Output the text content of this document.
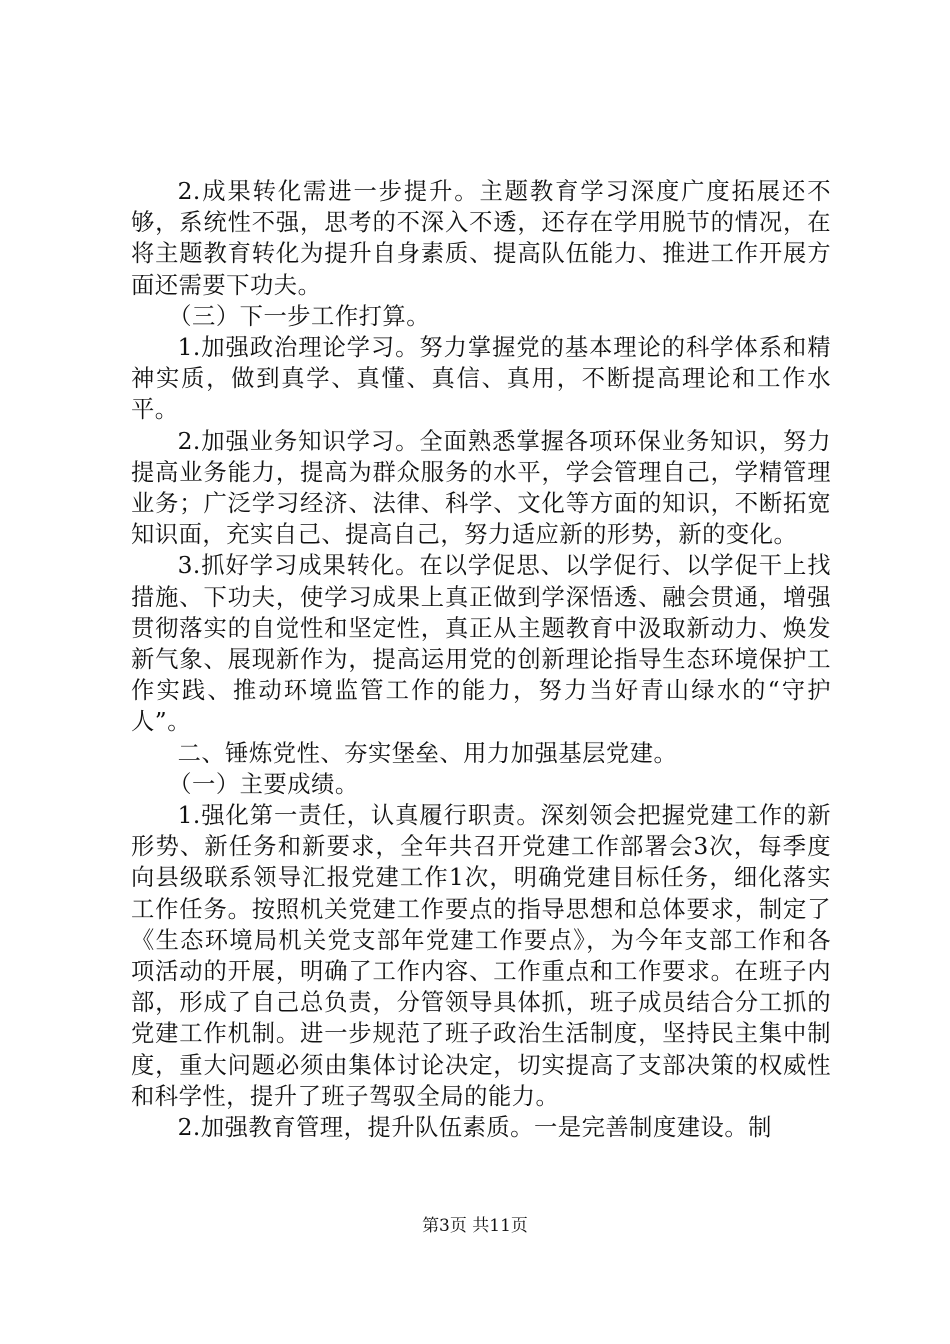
2.成果转化需进一步提升。主题教育学习深度广度拓展还不够，系统性不强，思考的不深入不透，还存在学用脱节的情况，在将主题教育转化为提升自身素质、提高队伍能力、推进工作开展方面还需要下功夫。

（三）下一步工作打算。

1.加强政治理论学习。努力掌握党的基本理论的科学体系和精神实质，做到真学、真懂、真信、真用，不断提高理论和工作水平。

2.加强业务知识学习。全面熟悉掌握各项环保业务知识，努力提高业务能力，提高为群众服务的水平，学会管理自己，学精管理业务；广泛学习经济、法律、科学、文化等方面的知识，不断拓宽知识面，充实自己、提高自己，努力适应新的形势，新的变化。

3.抓好学习成果转化。在以学促思、以学促行、以学促干上找措施、下功夫，使学习成果上真正做到学深悟透、融会贯通，增强贯彻落实的自觉性和坚定性，真正从主题教育中汲取新动力、焕发新气象、展现新作为，提高运用党的创新理论指导生态环境保护工作实践、推动环境监管工作的能力，努力当好青山绿水的“守护人”。

二、锤炼党性、夯实堡垒、用力加强基层党建。

（一）主要成绩。

1.强化第一责任，认真履行职责。深刻领会把握党建工作的新形势、新任务和新要求，全年共召开党建工作部署会3次，每季度向县级联系领导汇报党建工作1次，明确党建目标任务，细化落实工作任务。按照机关党建工作要点的指导思想和总体要求，制定了《生态环境局机关党支部年党建工作要点》，为今年支部工作和各项活动的开展，明确了工作内容、工作重点和工作要求。在班子内部，形成了自己总负责，分管领导具体抓，班子成员结合分工抓的党建工作机制。进一步规范了班子政治生活制度，坚持民主集中制度，重大问题必须由集体讨论决定，切实提高了支部决策的权威性和科学性，提升了班子驾驭全局的能力。

2.加强教育管理，提升队伍素质。一是完善制度建设。制

第3页 共11页
